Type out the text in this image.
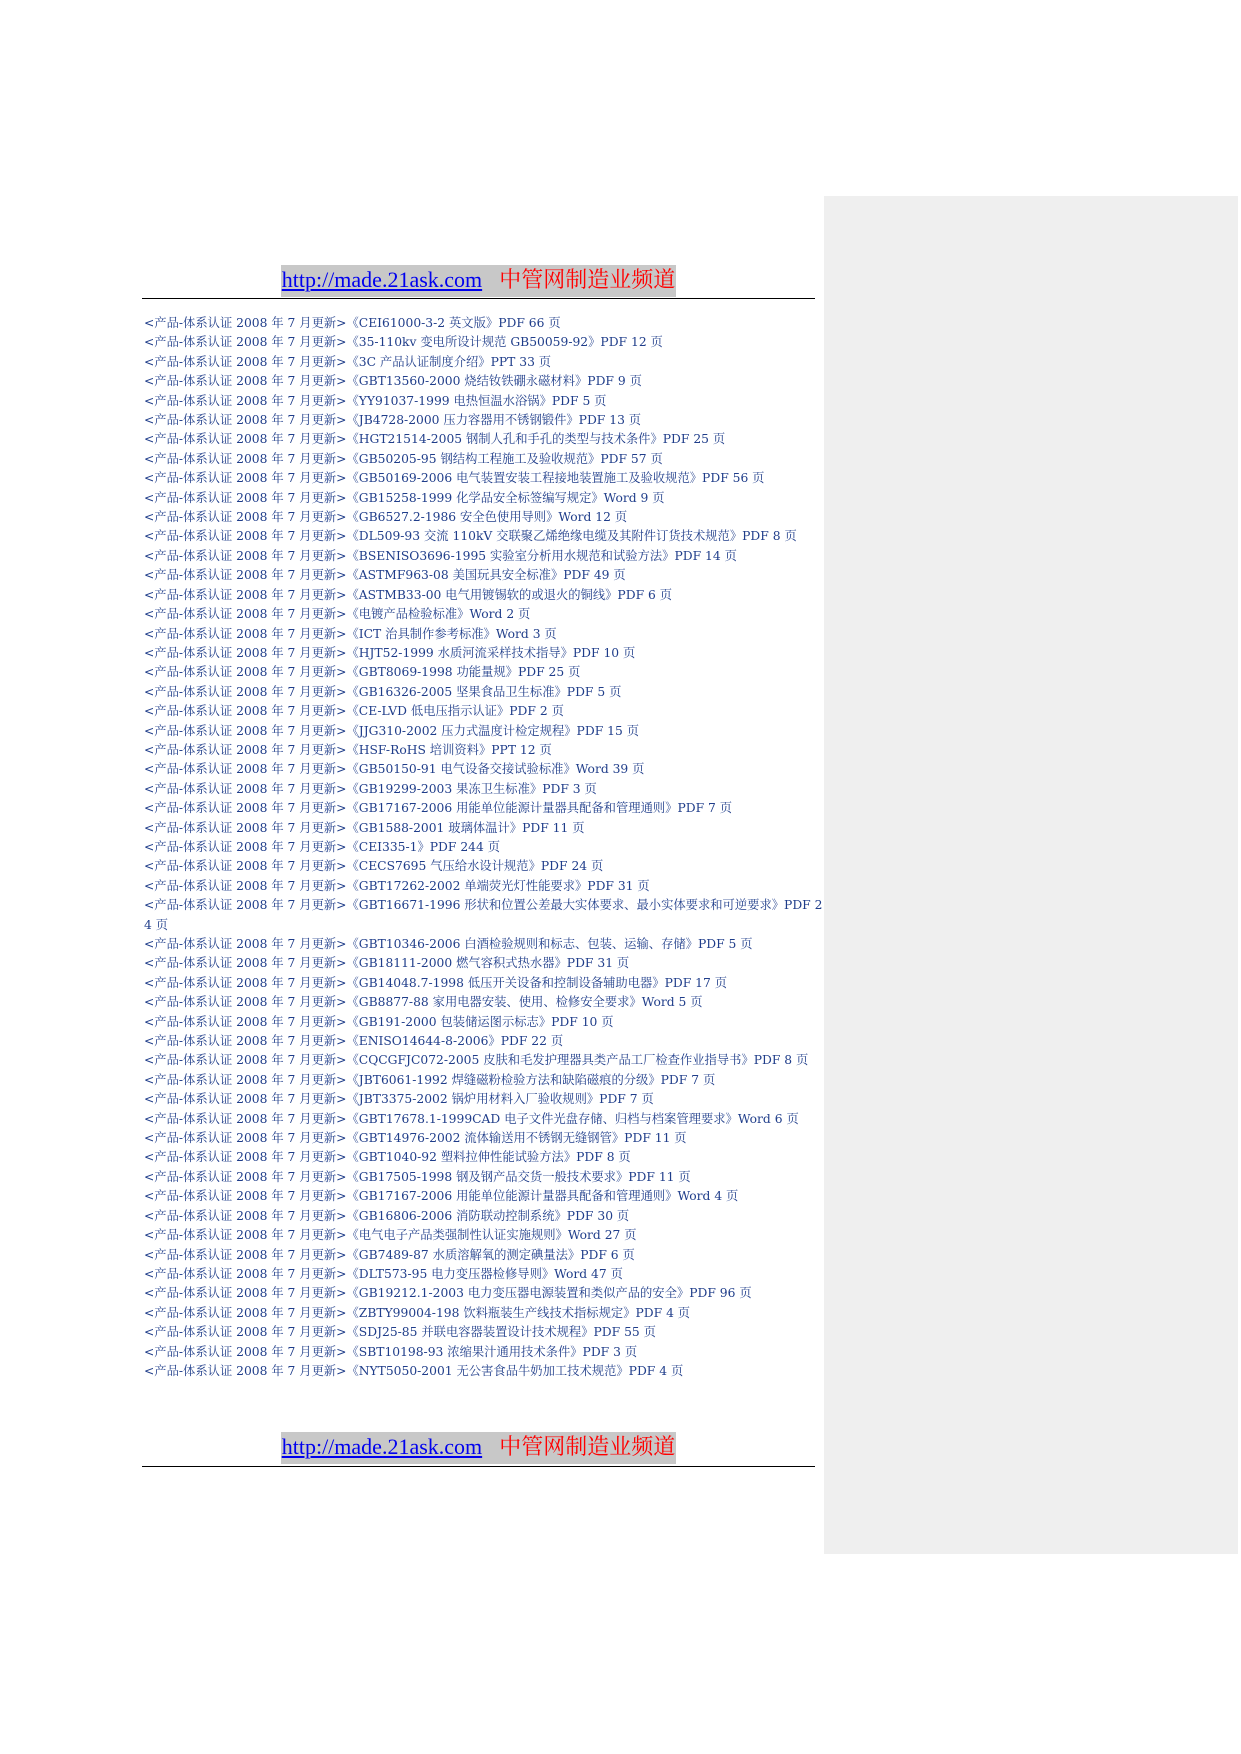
http://made.21ask.com 中管网制造业频道
<产品-体系认证 2008 年 7 月更新>《CEI61000-3-2 英文版》PDF 66 页
<产品-体系认证 2008 年 7 月更新>《35-110kv 变电所设计规范 GB50059-92》PDF 12 页
<产品-体系认证 2008 年 7 月更新>《3C 产品认证制度介绍》PPT 33 页
<产品-体系认证 2008 年 7 月更新>《GBT13560-2000 烧结钕铁硼永磁材料》PDF 9 页
<产品-体系认证 2008 年 7 月更新>《YY91037-1999 电热恒温水浴锅》PDF 5 页
<产品-体系认证 2008 年 7 月更新>《JB4728-2000 压力容器用不锈钢锻件》PDF 13 页
<产品-体系认证 2008 年 7 月更新>《HGT21514-2005 钢制人孔和手孔的类型与技术条件》PDF 25 页
<产品-体系认证 2008 年 7 月更新>《GB50205-95 钢结构工程施工及验收规范》PDF 57 页
<产品-体系认证 2008 年 7 月更新>《GB50169-2006 电气装置安装工程接地装置施工及验收规范》PDF 56 页
<产品-体系认证 2008 年 7 月更新>《GB15258-1999 化学品安全标签编写规定》Word 9 页
<产品-体系认证 2008 年 7 月更新>《GB6527.2-1986 安全色使用导则》Word 12 页
<产品-体系认证 2008 年 7 月更新>《DL509-93 交流 110kV 交联聚乙烯绝缘电缆及其附件订货技术规范》PDF 8 页
<产品-体系认证 2008 年 7 月更新>《BSENISO3696-1995 实验室分析用水规范和试验方法》PDF 14 页
<产品-体系认证 2008 年 7 月更新>《ASTMF963-08 美国玩具安全标准》PDF 49 页
<产品-体系认证 2008 年 7 月更新>《ASTMB33-00 电气用镀锡软的或退火的铜线》PDF 6 页
<产品-体系认证 2008 年 7 月更新>《电镀产品检验标准》Word 2 页
<产品-体系认证 2008 年 7 月更新>《ICT 治具制作参考标准》Word 3 页
<产品-体系认证 2008 年 7 月更新>《HJT52-1999 水质河流采样技术指导》PDF 10 页
<产品-体系认证 2008 年 7 月更新>《GBT8069-1998 功能量规》PDF 25 页
<产品-体系认证 2008 年 7 月更新>《GB16326-2005 坚果食品卫生标准》PDF 5 页
<产品-体系认证 2008 年 7 月更新>《CE-LVD 低电压指示认证》PDF 2 页
<产品-体系认证 2008 年 7 月更新>《JJG310-2002 压力式温度计检定规程》PDF 15 页
<产品-体系认证 2008 年 7 月更新>《HSF-RoHS 培训资料》PPT 12 页
<产品-体系认证 2008 年 7 月更新>《GB50150-91 电气设备交接试验标准》Word 39 页
<产品-体系认证 2008 年 7 月更新>《GB19299-2003 果冻卫生标准》PDF 3 页
<产品-体系认证 2008 年 7 月更新>《GB17167-2006 用能单位能源计量器具配备和管理通则》PDF 7 页
<产品-体系认证 2008 年 7 月更新>《GB1588-2001 玻璃体温计》PDF 11 页
<产品-体系认证 2008 年 7 月更新>《CEI335-1》PDF 244 页
<产品-体系认证 2008 年 7 月更新>《CECS7695 气压给水设计规范》PDF 24 页
<产品-体系认证 2008 年 7 月更新>《GBT17262-2002 单端荧光灯性能要求》PDF 31 页
<产品-体系认证 2008 年 7 月更新>《GBT16671-1996 形状和位置公差最大实体要求、最小实体要求和可逆要求》PDF 24 页
<产品-体系认证 2008 年 7 月更新>《GBT10346-2006 白酒检验规则和标志、包装、运输、存储》PDF 5 页
<产品-体系认证 2008 年 7 月更新>《GB18111-2000 燃气容积式热水器》PDF 31 页
<产品-体系认证 2008 年 7 月更新>《GB14048.7-1998 低压开关设备和控制设备辅助电器》PDF 17 页
<产品-体系认证 2008 年 7 月更新>《GB8877-88 家用电器安装、使用、检修安全要求》Word 5 页
<产品-体系认证 2008 年 7 月更新>《GB191-2000 包装储运图示标志》PDF 10 页
<产品-体系认证 2008 年 7 月更新>《ENISO14644-8-2006》PDF 22 页
<产品-体系认证 2008 年 7 月更新>《CQCGFJC072-2005 皮肤和毛发护理器具类产品工厂检查作业指导书》PDF 8 页
<产品-体系认证 2008 年 7 月更新>《JBT6061-1992 焊缝磁粉检验方法和缺陷磁痕的分级》PDF 7 页
<产品-体系认证 2008 年 7 月更新>《JBT3375-2002 锅炉用材料入厂验收规则》PDF 7 页
<产品-体系认证 2008 年 7 月更新>《GBT17678.1-1999CAD 电子文件光盘存储、归档与档案管理要求》Word 6 页
<产品-体系认证 2008 年 7 月更新>《GBT14976-2002 流体输送用不锈钢无缝钢管》PDF 11 页
<产品-体系认证 2008 年 7 月更新>《GBT1040-92 塑料拉伸性能试验方法》PDF 8 页
<产品-体系认证 2008 年 7 月更新>《GB17505-1998 钢及钢产品交货一般技术要求》PDF 11 页
<产品-体系认证 2008 年 7 月更新>《GB17167-2006 用能单位能源计量器具配备和管理通则》Word 4 页
<产品-体系认证 2008 年 7 月更新>《GB16806-2006 消防联动控制系统》PDF 30 页
<产品-体系认证 2008 年 7 月更新>《电气电子产品类强制性认证实施规则》Word 27 页
<产品-体系认证 2008 年 7 月更新>《GB7489-87 水质溶解氧的测定碘量法》PDF 6 页
<产品-体系认证 2008 年 7 月更新>《DLT573-95 电力变压器检修导则》Word 47 页
<产品-体系认证 2008 年 7 月更新>《GB19212.1-2003 电力变压器电源装置和类似产品的安全》PDF 96 页
<产品-体系认证 2008 年 7 月更新>《ZBTY99004-198 饮料瓶装生产线技术指标规定》PDF 4 页
<产品-体系认证 2008 年 7 月更新>《SDJ25-85 并联电容器装置设计技术规程》PDF 55 页
<产品-体系认证 2008 年 7 月更新>《SBT10198-93 浓缩果汁通用技术条件》PDF 3 页
<产品-体系认证 2008 年 7 月更新>《NYT5050-2001 无公害食品牛奶加工技术规范》PDF 4 页
http://made.21ask.com 中管网制造业频道
